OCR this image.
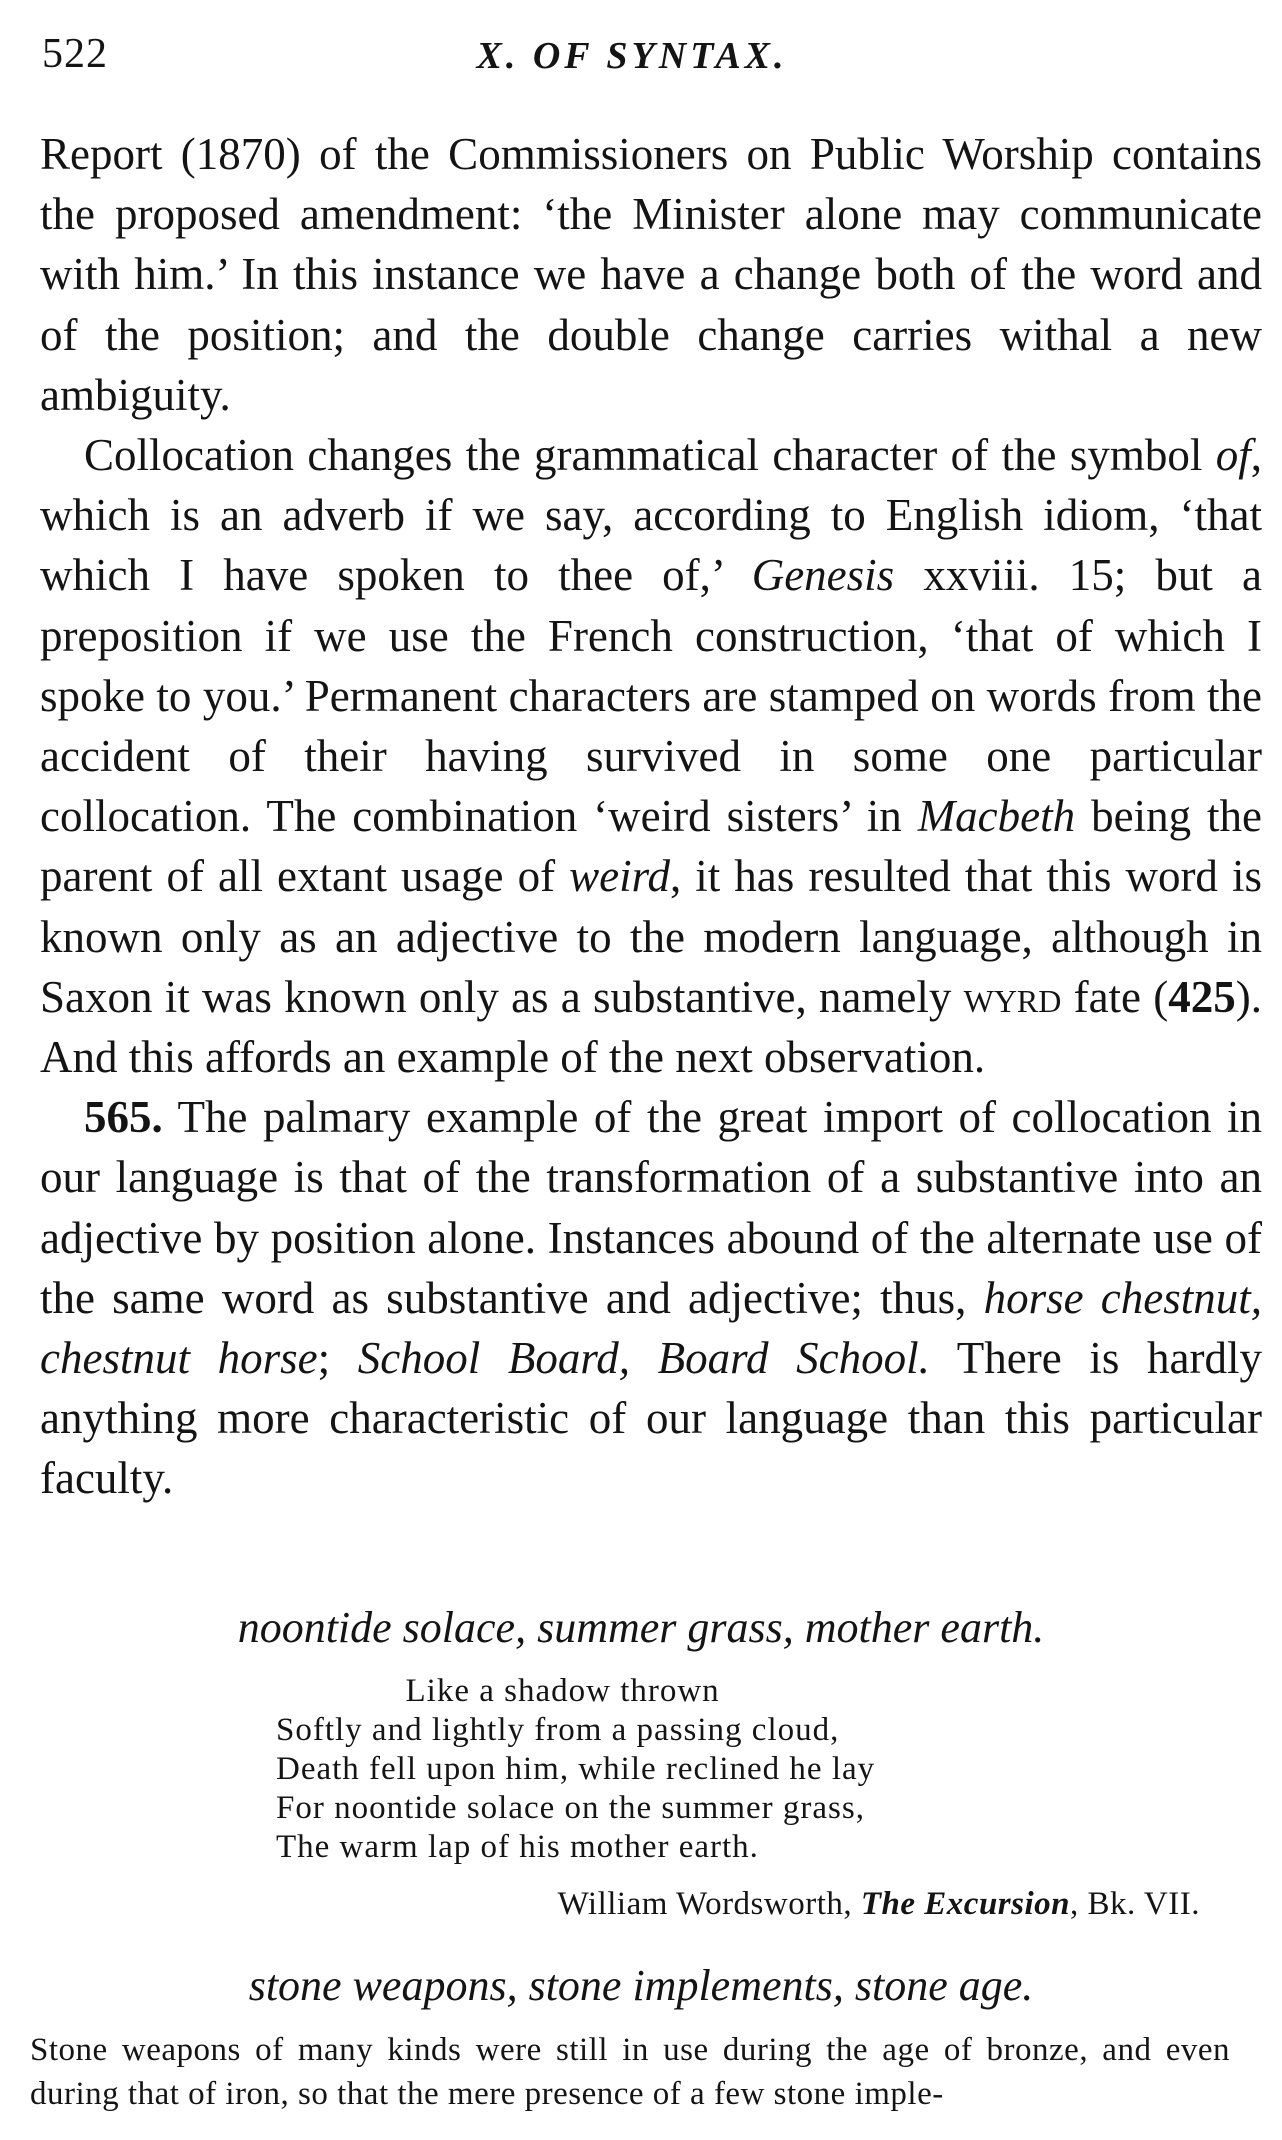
522	X. OF SYNTAX.

Report (1870) of the Commissioners on Public Worship contains the proposed amendment: ‘the Minister alone may communicate with him.’ In this instance we have a change both of the word and of the position; and the double change carries withal a new ambiguity.

Collocation changes the grammatical character of the symbol of, which is an adverb if we say, according to English idiom, ‘that which I have spoken to thee of,’ Genesis xxviii. 15; but a preposition if we use the French construction, ‘that of which I spoke to you.’ Permanent characters are stamped on words from the accident of their having survived in some one particular collocation. The combination ‘weird sisters’ in Macbeth being the parent of all extant usage of weird, it has resulted that this word is known only as an adjective to the modern language, although in Saxon it was known only as a substantive, namely wyrd fate (425). And this affords an example of the next observation.

565. The palmary example of the great import of collocation in our language is that of the transformation of a substantive into an adjective by position alone. Instances abound of the alternate use of the same word as substantive and adjective; thus, horse chestnut, chestnut horse; School Board, Board School. There is hardly anything more characteristic of our language than this particular faculty.

noontide solace, summer grass, mother earth.
Like a shadow thrown
Softly and lightly from a passing cloud,
Death fell upon him, while reclined he lay
For noontide solace on the summer grass,
The warm lap of his mother earth.
William Wordsworth, The Excursion, Bk. VII.
stone weapons, stone implements, stone age.
Stone weapons of many kinds were still in use during the age of bronze, and even during that of iron, so that the mere presence of a few stone imple-
